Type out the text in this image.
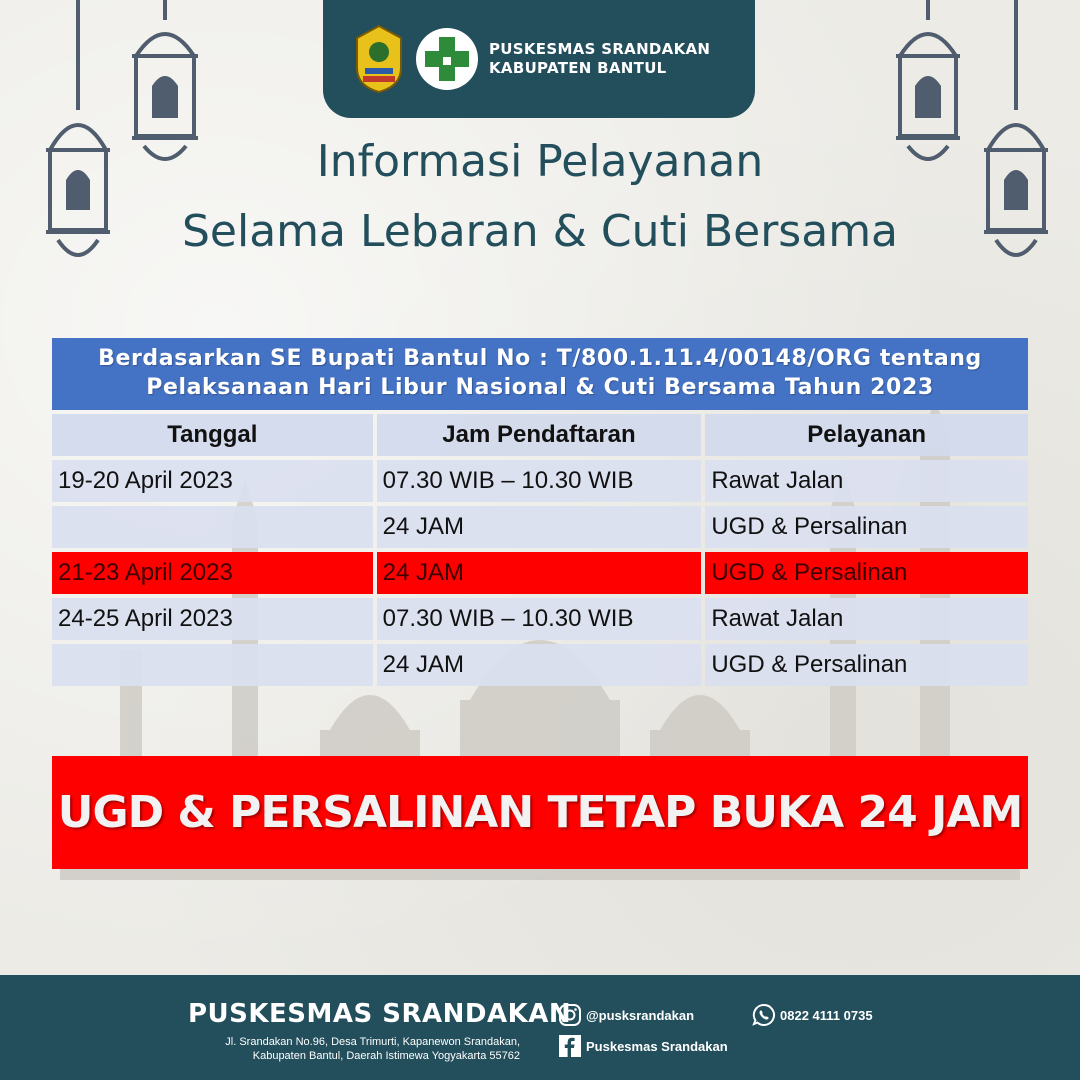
PUSKESMAS SRANDAKAN
KABUPATEN BANTUL
Informasi Pelayanan
Selama Lebaran & Cuti Bersama
Berdasarkan SE Bupati Bantul No : T/800.1.11.4/00148/ORG tentang
Pelaksanaan Hari Libur Nasional & Cuti Bersama Tahun 2023
Tanggal	Jam Pendaftaran	Pelayanan
19-20 April 2023	07.30 WIB – 10.30 WIB	Rawat Jalan
	24 JAM	UGD & Persalinan
21-23 April 2023	24 JAM	UGD & Persalinan
24-25 April 2023	07.30 WIB – 10.30 WIB	Rawat Jalan
	24 JAM	UGD & Persalinan
UGD & PERSALINAN TETAP BUKA 24 JAM
PUSKESMAS SRANDAKAN
Jl. Srandakan No.96, Desa Trimurti, Kapanewon Srandakan,
Kabupaten Bantul, Daerah Istimewa Yogyakarta 55762
@pusksrandakan
Puskesmas Srandakan
0822 4111 0735
